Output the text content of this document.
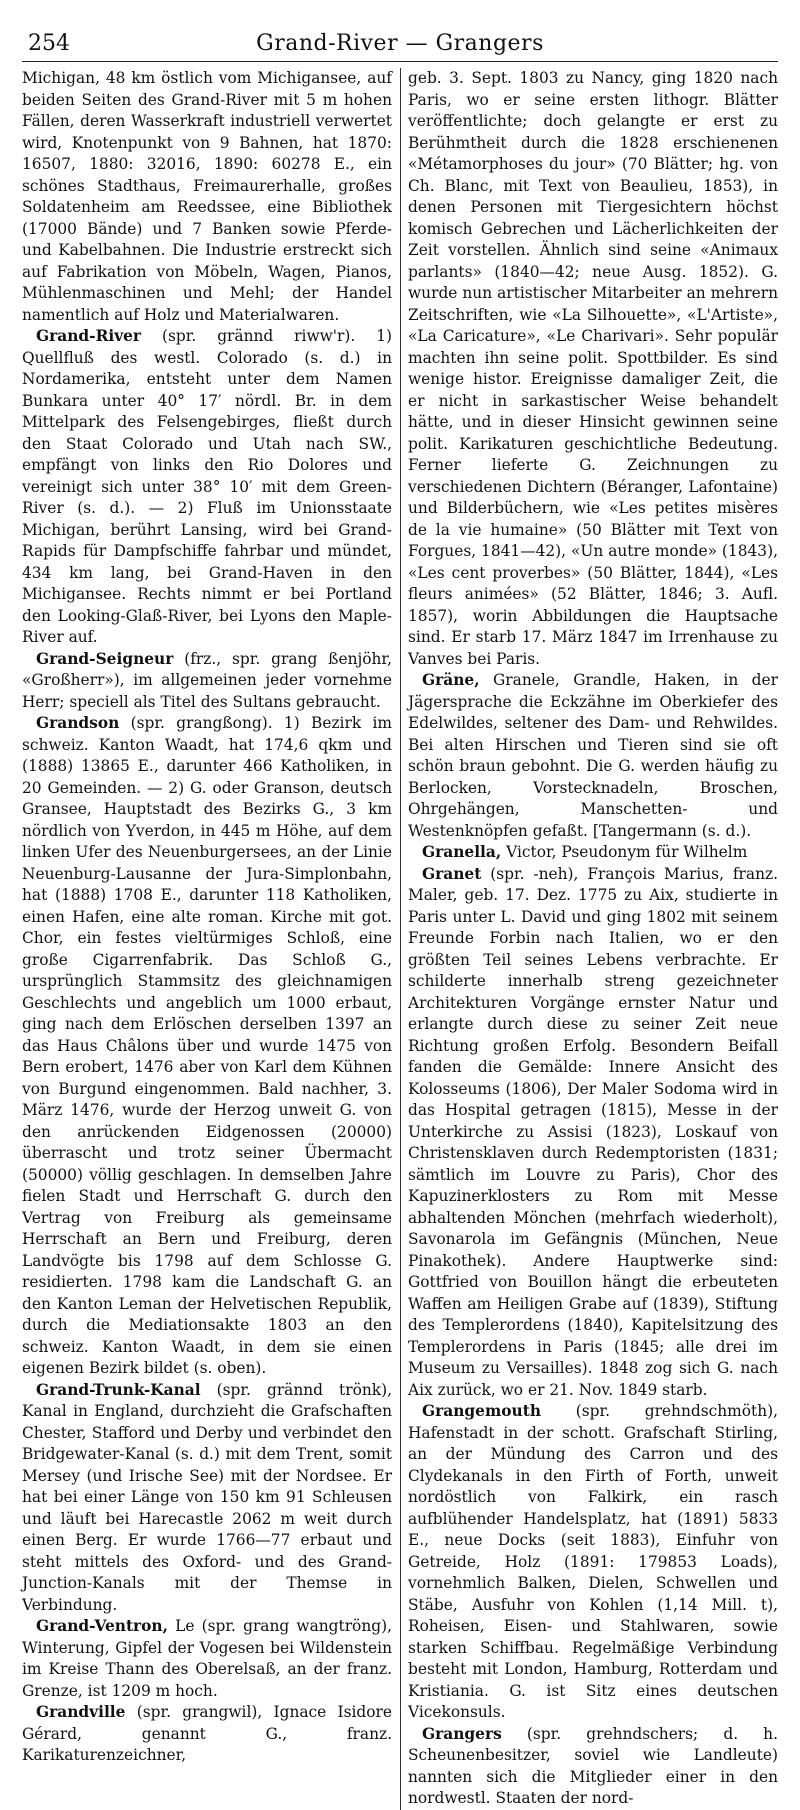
254	Grand-River — Grangers

Michigan, 48 km östlich vom Michigansee, auf beiden Seiten des Grand-River mit 5 m hohen Fällen, deren Wasserkraft industriell verwertet wird, Knotenpunkt von 9 Bahnen, hat 1870: 16507, 1880: 32016, 1890: 60278 E., ein schönes Stadthaus, Freimaurerhalle, großes Soldatenheim am Reedssee, eine Bibliothek (17000 Bände) und 7 Banken sowie Pferde- und Kabelbahnen. Die Industrie erstreckt sich auf Fabrikation von Möbeln, Wagen, Pianos, Mühlenmaschinen und Mehl; der Handel namentlich auf Holz und Materialwaren.

Grand-River (spr. grännd riww'r). 1) Quellfluß des westl. Colorado (s. d.) in Nordamerika, entsteht unter dem Namen Bunkara unter 40° 17′ nördl. Br. in dem Mittelpark des Felsengebirges, fließt durch den Staat Colorado und Utah nach SW., empfängt von links den Rio Dolores und vereinigt sich unter 38° 10′ mit dem Green-River (s. d.). — 2) Fluß im Unionsstaate Michigan, berührt Lansing, wird bei Grand-Rapids für Dampfschiffe fahrbar und mündet, 434 km lang, bei Grand-Haven in den Michigansee. Rechts nimmt er bei Portland den Looking-Glaß-River, bei Lyons den Maple-River auf.

Grand-Seigneur (frz., spr. grang ßenjöhr, «Großherr»), im allgemeinen jeder vornehme Herr; speciell als Titel des Sultans gebraucht.

Grandson (spr. grangßong). 1) Bezirk im schweiz. Kanton Waadt, hat 174,6 qkm und (1888) 13865 E., darunter 466 Katholiken, in 20 Gemeinden. — 2) G. oder Granson, deutsch Gransee, Hauptstadt des Bezirks G., 3 km nördlich von Yverdon, in 445 m Höhe, auf dem linken Ufer des Neuenburgersees, an der Linie Neuenburg-Lausanne der Jura-Simplonbahn, hat (1888) 1708 E., darunter 118 Katholiken, einen Hafen, eine alte roman. Kirche mit got. Chor, ein festes vieltürmiges Schloß, eine große Cigarrenfabrik. Das Schloß G., ursprünglich Stammsitz des gleichnamigen Geschlechts und angeblich um 1000 erbaut, ging nach dem Erlöschen derselben 1397 an das Haus Châlons über und wurde 1475 von Bern erobert, 1476 aber von Karl dem Kühnen von Burgund eingenommen. Bald nachher, 3. März 1476, wurde der Herzog unweit G. von den anrückenden Eidgenossen (20000) überrascht und trotz seiner Übermacht (50000) völlig geschlagen. In demselben Jahre fielen Stadt und Herrschaft G. durch den Vertrag von Freiburg als gemeinsame Herrschaft an Bern und Freiburg, deren Landvögte bis 1798 auf dem Schlosse G. residierten. 1798 kam die Landschaft G. an den Kanton Leman der Helvetischen Republik, durch die Mediationsakte 1803 an den schweiz. Kanton Waadt, in dem sie einen eigenen Bezirk bildet (s. oben).

Grand-Trunk-Kanal (spr. grännd trönk), Kanal in England, durchzieht die Grafschaften Chester, Stafford und Derby und verbindet den Bridgewater-Kanal (s. d.) mit dem Trent, somit Mersey (und Irische See) mit der Nordsee. Er hat bei einer Länge von 150 km 91 Schleusen und läuft bei Harecastle 2062 m weit durch einen Berg. Er wurde 1766—77 erbaut und steht mittels des Oxford- und des Grand-Junction-Kanals mit der Themse in Verbindung.

Grand-Ventron, Le (spr. grang wangtröng), Winterung, Gipfel der Vogesen bei Wildenstein im Kreise Thann des Oberelsaß, an der franz. Grenze, ist 1209 m hoch.

Grandville (spr. grangwil), Ignace Isidore Gérard, genannt G., franz. Karikaturenzeichner,

geb. 3. Sept. 1803 zu Nancy, ging 1820 nach Paris, wo er seine ersten lithogr. Blätter veröffentlichte; doch gelangte er erst zu Berühmtheit durch die 1828 erschienenen «Métamorphoses du jour» (70 Blätter; hg. von Ch. Blanc, mit Text von Beaulieu, 1853), in denen Personen mit Tiergesichtern höchst komisch Gebrechen und Lächerlichkeiten der Zeit vorstellen. Ähnlich sind seine «Animaux parlants» (1840—42; neue Ausg. 1852). G. wurde nun artistischer Mitarbeiter an mehrern Zeitschriften, wie «La Silhouette», «L'Artiste», «La Caricature», «Le Charivari». Sehr populär machten ihn seine polit. Spottbilder. Es sind wenige histor. Ereignisse damaliger Zeit, die er nicht in sarkastischer Weise behandelt hätte, und in dieser Hinsicht gewinnen seine polit. Karikaturen geschichtliche Bedeutung. Ferner lieferte G. Zeichnungen zu verschiedenen Dichtern (Béranger, Lafontaine) und Bilderbüchern, wie «Les petites misères de la vie humaine» (50 Blätter mit Text von Forgues, 1841—42), «Un autre monde» (1843), «Les cent proverbes» (50 Blätter, 1844), «Les fleurs animées» (52 Blätter, 1846; 3. Aufl. 1857), worin Abbildungen die Hauptsache sind. Er starb 17. März 1847 im Irrenhause zu Vanves bei Paris.

Gräne, Granele, Grandle, Haken, in der Jägersprache die Eckzähne im Oberkiefer des Edelwildes, seltener des Dam- und Rehwildes. Bei alten Hirschen und Tieren sind sie oft schön braun gebohnt. Die G. werden häufig zu Berlocken, Vorstecknadeln, Broschen, Ohrgehängen, Manschetten- und Westenknöpfen gefaßt. [Tangermann (s. d.).

Granella, Victor, Pseudonym für Wilhelm

Granet (spr. -neh), François Marius, franz. Maler, geb. 17. Dez. 1775 zu Aix, studierte in Paris unter L. David und ging 1802 mit seinem Freunde Forbin nach Italien, wo er den größten Teil seines Lebens verbrachte. Er schilderte innerhalb streng gezeichneter Architekturen Vorgänge ernster Natur und erlangte durch diese zu seiner Zeit neue Richtung großen Erfolg. Besondern Beifall fanden die Gemälde: Innere Ansicht des Kolosseums (1806), Der Maler Sodoma wird in das Hospital getragen (1815), Messe in der Unterkirche zu Assisi (1823), Loskauf von Christensklaven durch Redemptoristen (1831; sämtlich im Louvre zu Paris), Chor des Kapuzinerklosters zu Rom mit Messe abhaltenden Mönchen (mehrfach wiederholt), Savonarola im Gefängnis (München, Neue Pinakothek). Andere Hauptwerke sind: Gottfried von Bouillon hängt die erbeuteten Waffen am Heiligen Grabe auf (1839), Stiftung des Templerordens (1840), Kapitelsitzung des Templerordens in Paris (1845; alle drei im Museum zu Versailles). 1848 zog sich G. nach Aix zurück, wo er 21. Nov. 1849 starb.

Grangemouth (spr. grehndschmöth), Hafenstadt in der schott. Grafschaft Stirling, an der Mündung des Carron und des Clydekanals in den Firth of Forth, unweit nordöstlich von Falkirk, ein rasch aufblühender Handelsplatz, hat (1891) 5833 E., neue Docks (seit 1883), Einfuhr von Getreide, Holz (1891: 179853 Loads), vornehmlich Balken, Dielen, Schwellen und Stäbe, Ausfuhr von Kohlen (1,14 Mill. t), Roheisen, Eisen- und Stahlwaren, sowie starken Schiffbau. Regelmäßige Verbindung besteht mit London, Hamburg, Rotterdam und Kristiania. G. ist Sitz eines deutschen Vicekonsuls.

Grangers (spr. grehndschers; d. h. Scheunenbesitzer, soviel wie Landleute) nannten sich die Mitglieder einer in den nordwestl. Staaten der nord-
